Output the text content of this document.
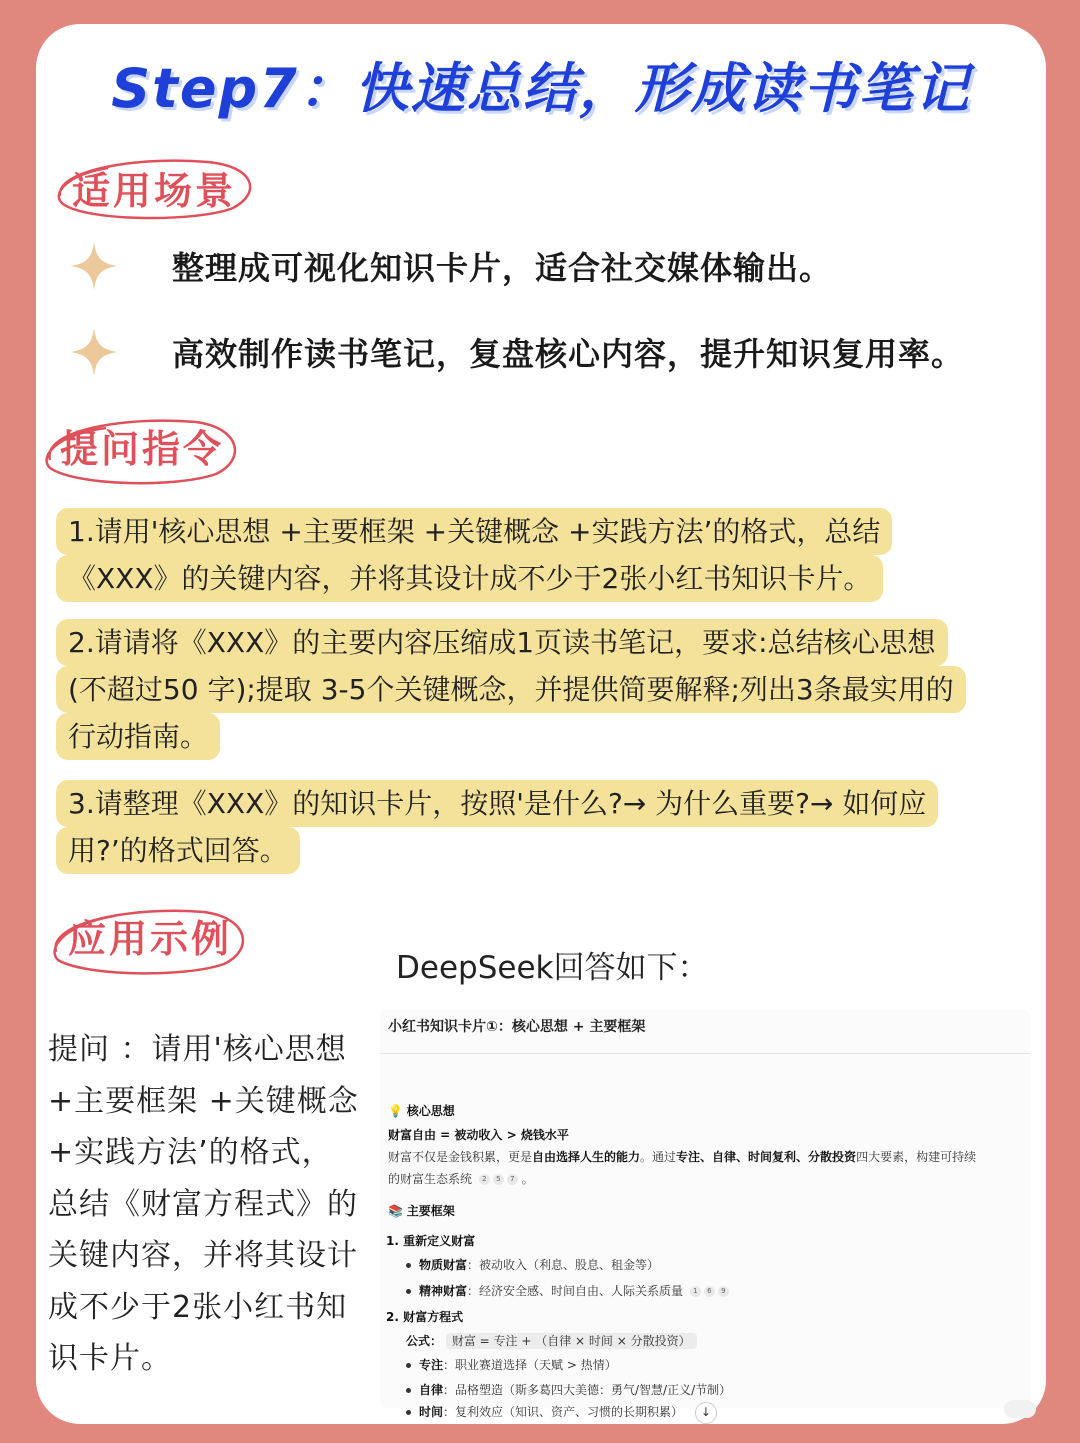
Step7：快速总结，形成读书笔记
适用场景
整理成可视化知识卡片，适合社交媒体输出。
高效制作读书笔记，复盘核心内容，提升知识复用率。
提问指令
1.请用'核心思想 +主要框架 +关键概念 +实践方法’的格式，总结
《XXX》的关键内容，并将其设计成不少于2张小红书知识卡片。
2.请请将《XXX》的主要内容压缩成1页读书笔记，要求:总结核心思想
(不超过50 字);提取 3-5个关键概念，并提供简要解释;列出3条最实用的
行动指南。
3.请整理《XXX》的知识卡片，按照'是什么?→ 为什么重要?→ 如何应
用?’的格式回答。
应用示例
提问 ：请用'核心思想
+主要框架 +关键概念
+实践方法’的格式，
总结《财富方程式》的
关键内容，并将其设计
成不少于2张小红书知
识卡片。
DeepSeek回答如下：
小红书知识卡片①：核心思想 + 主要框架
💡 核心思想
财富自由 = 被动收入 > 烧钱水平
财富不仅是金钱积累，更是自由选择人生的能力。通过专注、自律、时间复利、分散投资四大要素，构建可持续
的财富生态系统 2 5 7 。
📚 主要框架
1. 重新定义财富
物质财富：被动收入（利息、股息、租金等）
精神财富：经济安全感、时间自由、人际关系质量 1 6 9
2. 财富方程式
公式： 财富 = 专注 + （自律 × 时间 × 分散投资）
专注：职业赛道选择（天赋 > 热情）
自律：品格塑造（斯多葛四大美德：勇气/智慧/正义/节制）
时间：复利效应（知识、资产、习惯的长期积累） ↓
